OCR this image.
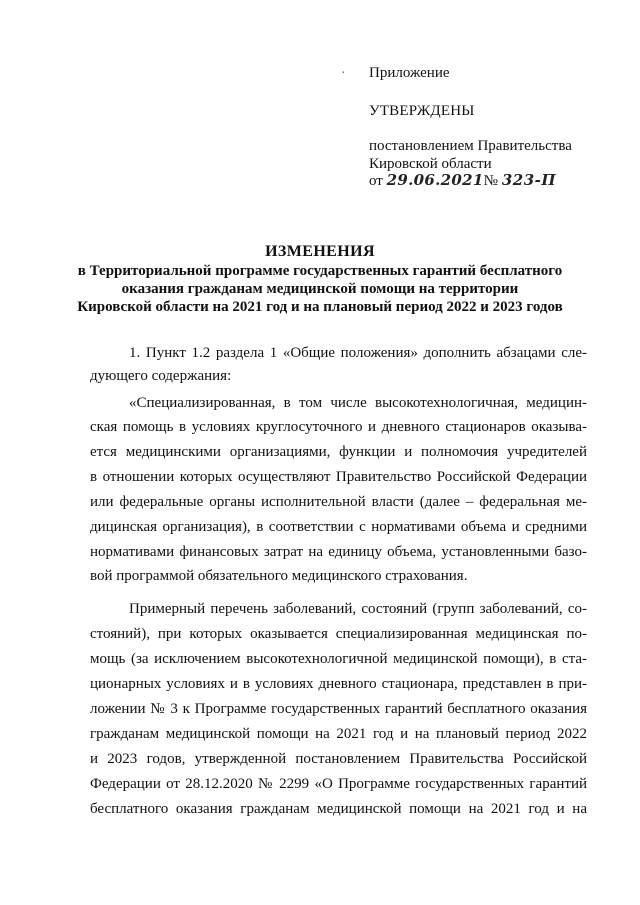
· Приложение
УТВЕРЖДЕНЫ
постановлением Правительства
Кировской области
от 29.06.2021№ 323-П
ИЗМЕНЕНИЯ
в Территориальной программе государственных гарантий бесплатного
оказания гражданам медицинской помощи на территории
Кировской области на 2021 год и на плановый период 2022 и 2023 годов
1. Пункт 1.2 раздела 1 «Общие положения» дополнить абзацами сле-
дующего содержания:
«Специализированная, в том числе высокотехнологичная, медицин-
ская помощь в условиях круглосуточного и дневного стационаров оказыва-
ется медицинскими организациями, функции и полномочия учредителей
в отношении которых осуществляют Правительство Российской Федерации
или федеральные органы исполнительной власти (далее – федеральная ме-
дицинская организация), в соответствии с нормативами объема и средними
нормативами финансовых затрат на единицу объема, установленными базо-
вой программой обязательного медицинского страхования.
Примерный перечень заболеваний, состояний (групп заболеваний, со-
стояний), при которых оказывается специализированная медицинская по-
мощь (за исключением высокотехнологичной медицинской помощи), в ста-
ционарных условиях и в условиях дневного стационара, представлен в при-
ложении № 3 к Программе государственных гарантий бесплатного оказания
гражданам медицинской помощи на 2021 год и на плановый период 2022
и 2023 годов, утвержденной постановлением Правительства Российской
Федерации от 28.12.2020 № 2299 «О Программе государственных гарантий
бесплатного оказания гражданам медицинской помощи на 2021 год и на
